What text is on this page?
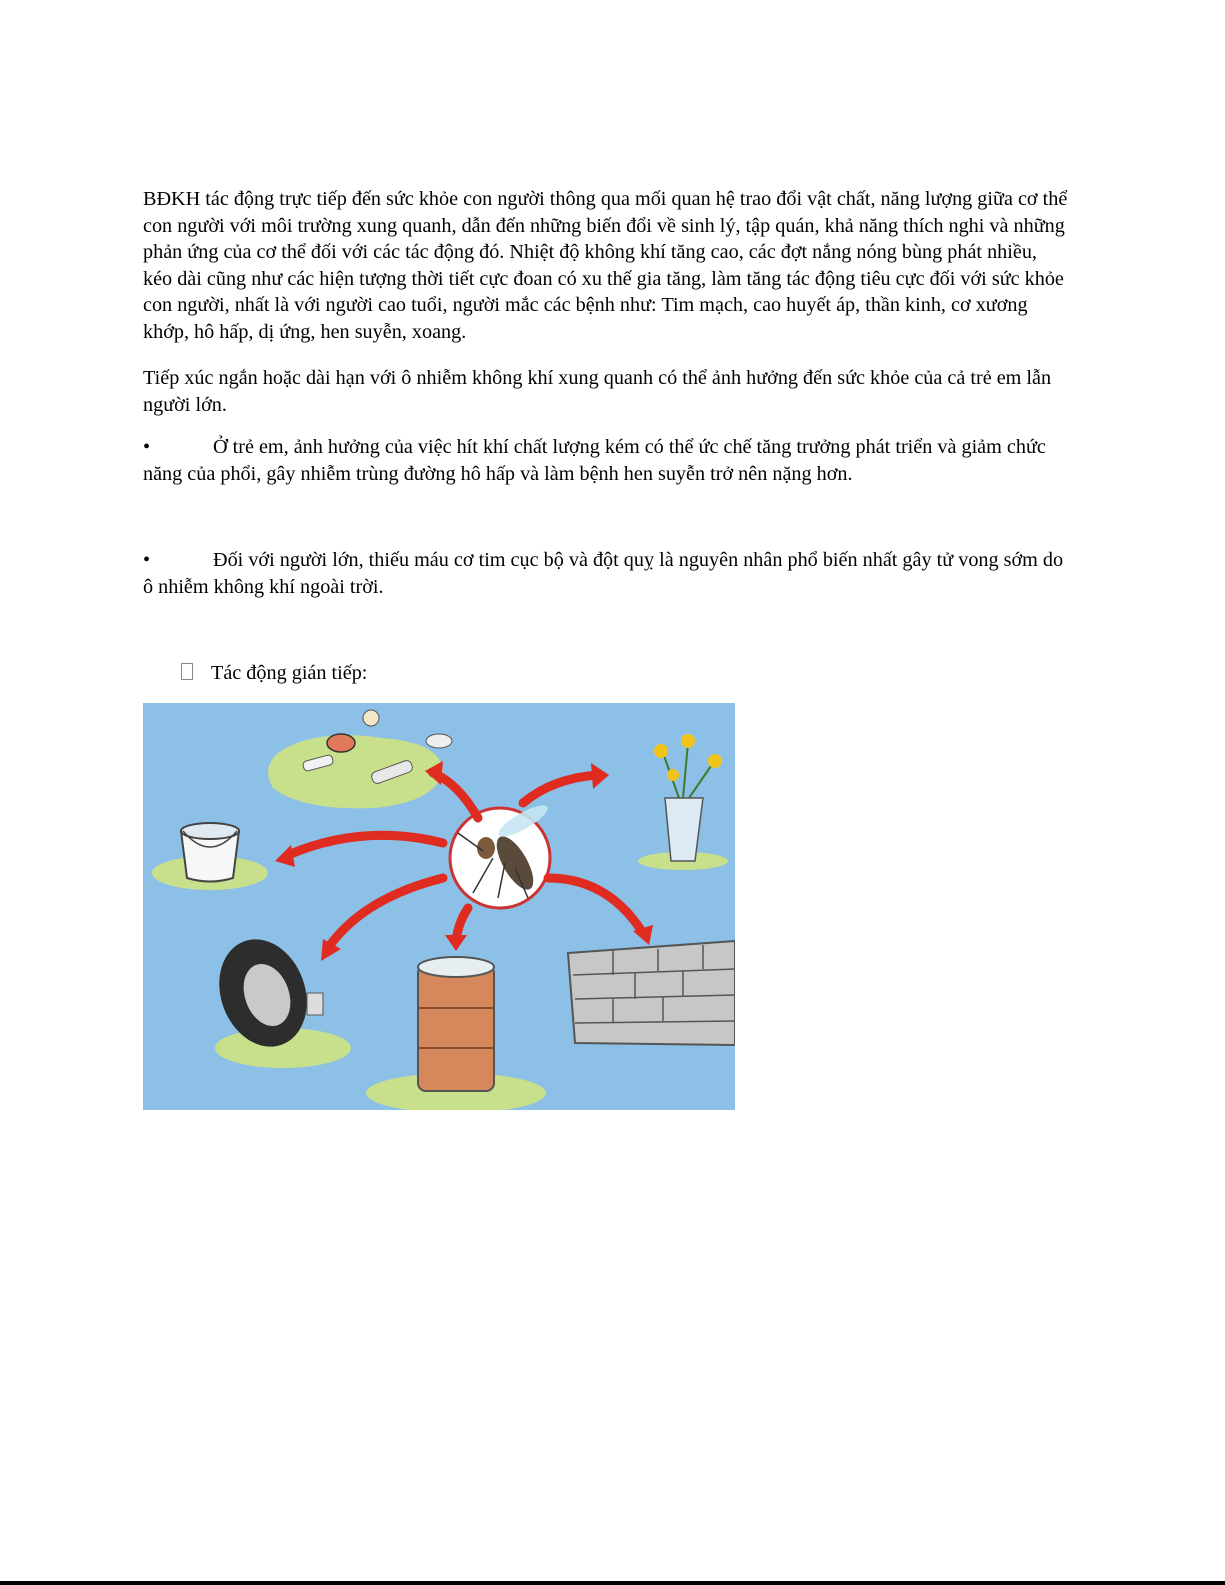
BĐKH tác động trực tiếp đến sức khỏe con người thông qua mối quan hệ trao đổi vật chất, năng lượng giữa cơ thể con người với môi trường xung quanh, dẫn đến những biến đổi về sinh lý, tập quán, khả năng thích nghi và những phản ứng của cơ thể đối với các tác động đó. Nhiệt độ không khí tăng cao, các đợt nắng nóng bùng phát nhiều, kéo dài cũng như các hiện tượng thời tiết cực đoan có xu thế gia tăng, làm tăng tác động tiêu cực đối với sức khỏe con người, nhất là với người cao tuổi, người mắc các bệnh như: Tim mạch, cao huyết áp, thần kinh, cơ xương khớp, hô hấp, dị ứng, hen suyễn, xoang.

Tiếp xúc ngắn hoặc dài hạn với ô nhiễm không khí xung quanh có thể ảnh hưởng đến sức khỏe của cả trẻ em lẫn người lớn.

•	Ở trẻ em, ảnh hưởng của việc hít khí chất lượng kém có thể ức chế tăng trưởng phát triển và giảm chức năng của phổi, gây nhiễm trùng đường hô hấp và làm bệnh hen suyễn trở nên nặng hơn.

•	Đối với người lớn, thiếu máu cơ tim cục bộ và đột quỵ là nguyên nhân phổ biến nhất gây tử vong sớm do ô nhiễm không khí ngoài trời.

Tác động gián tiếp:
